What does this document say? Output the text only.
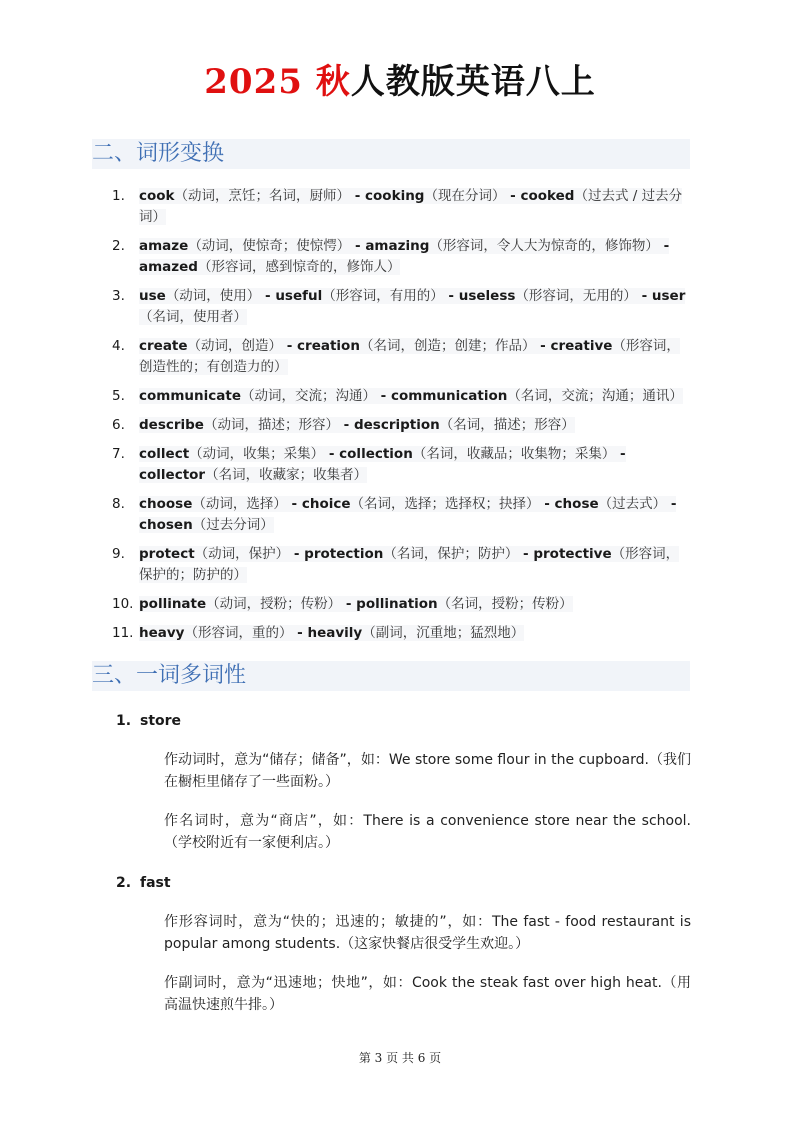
2025 秋人教版英语八上
二、词形变换
1. cook（动词，烹饪；名词，厨师） - cooking（现在分词） - cooked（过去式 / 过去分词）
2. amaze（动词，使惊奇；使惊愕） - amazing（形容词，令人大为惊奇的，修饰物） - amazed（形容词，感到惊奇的，修饰人）
3. use（动词，使用） - useful（形容词，有用的） - useless（形容词，无用的） - user（名词，使用者）
4. create（动词，创造） - creation（名词，创造；创建；作品） - creative（形容词，创造性的；有创造力的）
5. communicate（动词，交流；沟通） - communication（名词，交流；沟通；通讯）
6. describe（动词，描述；形容） - description（名词，描述；形容）
7. collect（动词，收集；采集） - collection（名词，收藏品；收集物；采集） - collector（名词，收藏家；收集者）
8. choose（动词，选择） - choice（名词，选择；选择权；抉择） - chose（过去式） - chosen（过去分词）
9. protect（动词，保护） - protection（名词，保护；防护） - protective（形容词，保护的；防护的）
10. pollinate（动词，授粉；传粉） - pollination（名词，授粉；传粉）
11. heavy（形容词，重的） - heavily（副词，沉重地；猛烈地）
三、一词多词性
1. store
作动词时，意为“储存；储备”，如：We store some flour in the cupboard.（我们在橱柜里储存了一些面粉。）
作名词时，意为“商店”，如：There is a convenience store near the school.（学校附近有一家便利店。）
2. fast
作形容词时，意为“快的；迅速的；敏捷的”，如：The fast - food restaurant is popular among students.（这家快餐店很受学生欢迎。）
作副词时，意为“迅速地；快地”，如：Cook the steak fast over high heat.（用高温快速煎牛排。）
第 3 页 共 6 页
